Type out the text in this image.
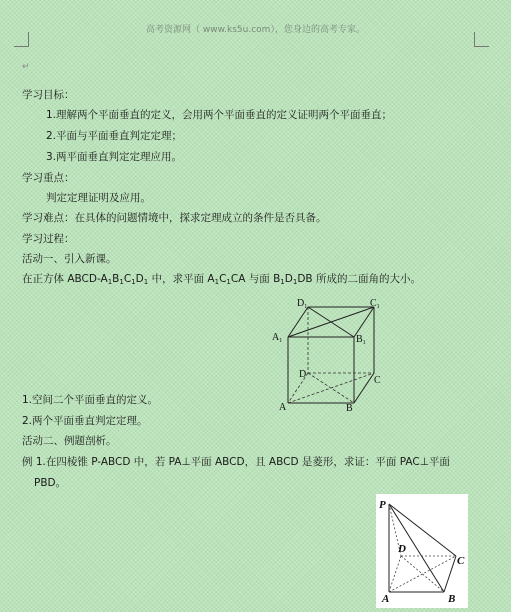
高考资源网（ www.ks5u.com），您身边的高考专家。
↵
学习目标：
1.理解两个平面垂直的定义，会用两个平面垂直的定义证明两个平面垂直；
2.平面与平面垂直判定定理；
3.两平面垂直判定定理应用。
学习重点：
判定定理证明及应用。
学习难点：在具体的问题情境中，探求定理成立的条件是否具备。
学习过程：
活动一、引入新课。
在正方体 ABCD-$A_1B_1C_1D_1$ 中，求平面 $A_1C_1CA$ 与面 $B_1D_1DB$ 所成的二面角的大小。
$D_1$	$C_1$
$A_1$	$B_1$
D
C
A	B
1.空间二个平面垂直的定义。
2.两个平面垂直判定定理。
活动二、例题剖析。
例 1.在四棱锥 P-ABCD 中，若 PA⊥平面 ABCD，且 ABCD 是菱形，求证：平面 PAC⊥平面
PBD。
P
D
C
A	B
